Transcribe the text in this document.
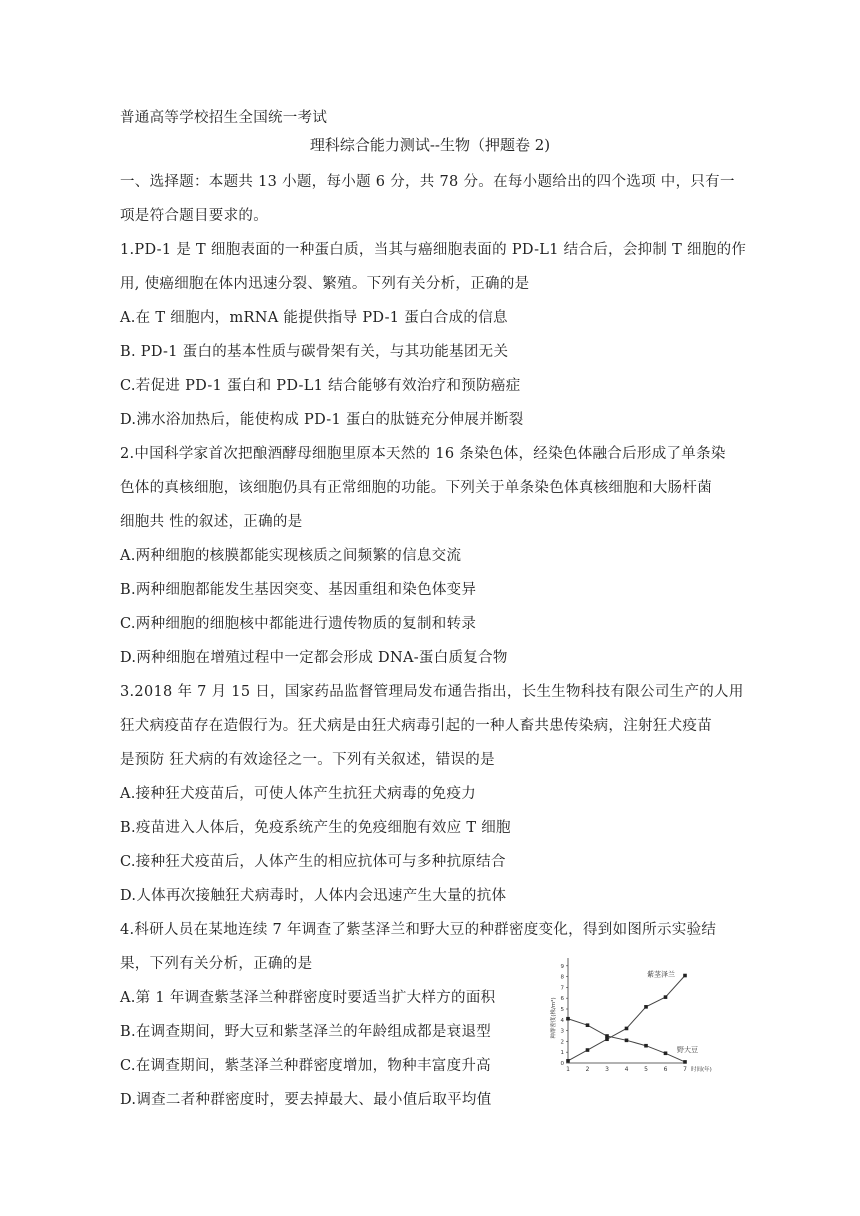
普通高等学校招生全国统一考试
理科综合能力测试--生物（押题卷 2)
一、选择题：本题共 13 小题，每小题 6 分，共 78 分。在每小题给出的四个选项 中，只有一
项是符合题目要求的。
1.PD-1 是 T 细胞表面的一种蛋白质，当其与癌细胞表面的 PD-L1 结合后，会抑制 T 细胞的作
用, 使癌细胞在体内迅速分裂、繁殖。下列有关分析，正确的是
A.在 T 细胞内，mRNA 能提供指导 PD-1 蛋白合成的信息
B. PD-1 蛋白的基本性质与碳骨架有关，与其功能基团无关
C.若促进 PD-1 蛋白和 PD-L1 结合能够有效治疗和预防癌症
D.沸水浴加热后，能使构成 PD-1 蛋白的肽链充分伸展并断裂
2.中国科学家首次把酿酒酵母细胞里原本天然的 16 条染色体，经染色体融合后形成了单条染
色体的真核细胞，该细胞仍具有正常细胞的功能。下列关于单条染色体真核细胞和大肠杆菌
细胞共 性的叙述，正确的是
A.两种细胞的核膜都能实现核质之间频繁的信息交流
B.两种细胞都能发生基因突变、基因重组和染色体变异
C.两种细胞的细胞核中都能进行遗传物质的复制和转录
D.两种细胞在增殖过程中一定都会形成 DNA-蛋白质复合物
3.2018 年 7 月 15 日，国家药品监督管理局发布通告指出，长生生物科技有限公司生产的人用
狂犬病疫苗存在造假行为。狂犬病是由狂犬病毒引起的一种人畜共患传染病，注射狂犬疫苗
是预防 狂犬病的有效途径之一。下列有关叙述，错误的是
A.接种狂犬疫苗后，可使人体产生抗狂犬病毒的免疫力
B.疫苗进入人体后，免疫系统产生的免疫细胞有效应 T 细胞
C.接种狂犬疫苗后，人体产生的相应抗体可与多种抗原结合
D.人体再次接触狂犬病毒时，人体内会迅速产生大量的抗体
4.科研人员在某地连续 7 年调查了紫茎泽兰和野大豆的种群密度变化，得到如图所示实验结
果，下列有关分析，正确的是
A.第 1 年调查紫茎泽兰种群密度时要适当扩大样方的面积
B.在调查期间，野大豆和紫茎泽兰的年龄组成都是衰退型
C.在调查期间，紫茎泽兰种群密度增加，物种丰富度升高
D.调查二者种群密度时，要去掉最大、最小值后取平均值
0
1
2
3
4
5
6
7
8
9
1	2	3	4	5	6	7 时间(年)
种群密度(株/m²)
紫茎泽兰
野大豆
